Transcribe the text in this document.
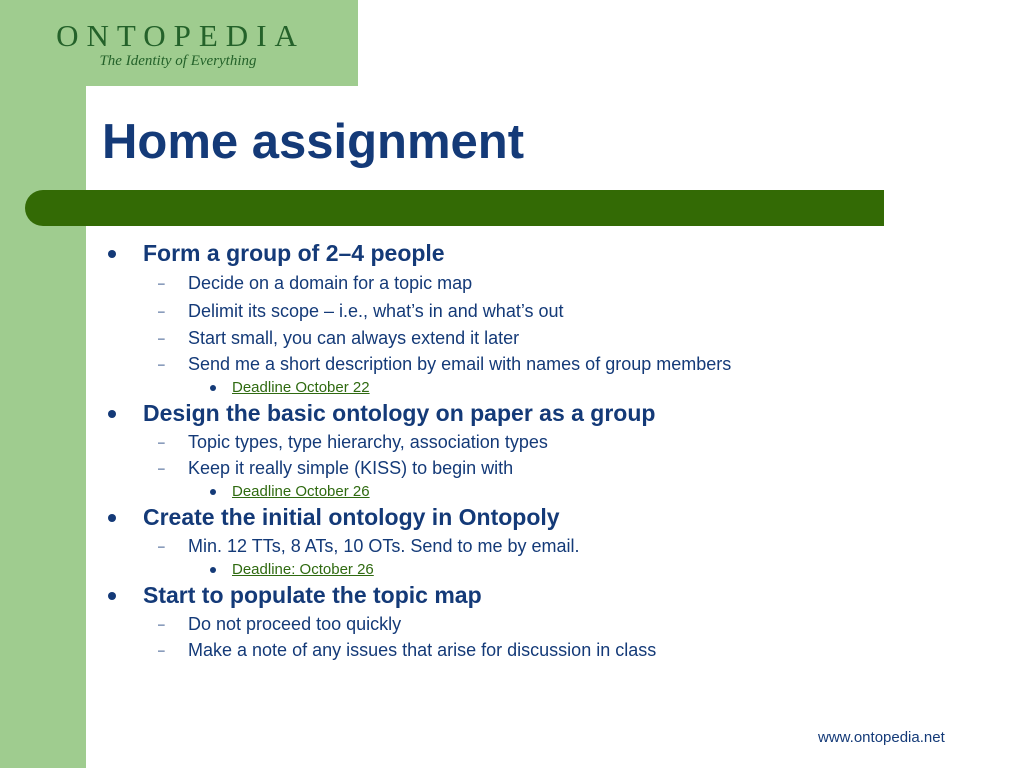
ONTOPEDIA
The Identity of Everything
Home assignment
Form a group of 2–4 people
– Decide on a domain for a topic map
– Delimit its scope – i.e., what’s in and what’s out
– Start small, you can always extend it later
– Send me a short description by email with names of group members
Deadline October 22
Design the basic ontology on paper as a group
– Topic types, type hierarchy, association types
– Keep it really simple (KISS) to begin with
Deadline October 26
Create the initial ontology in Ontopoly
– Min. 12 TTs, 8 ATs, 10 OTs. Send to me by email.
Deadline: October 26
Start to populate the topic map
– Do not proceed too quickly
– Make a note of any issues that arise for discussion in class
www.ontopedia.net
